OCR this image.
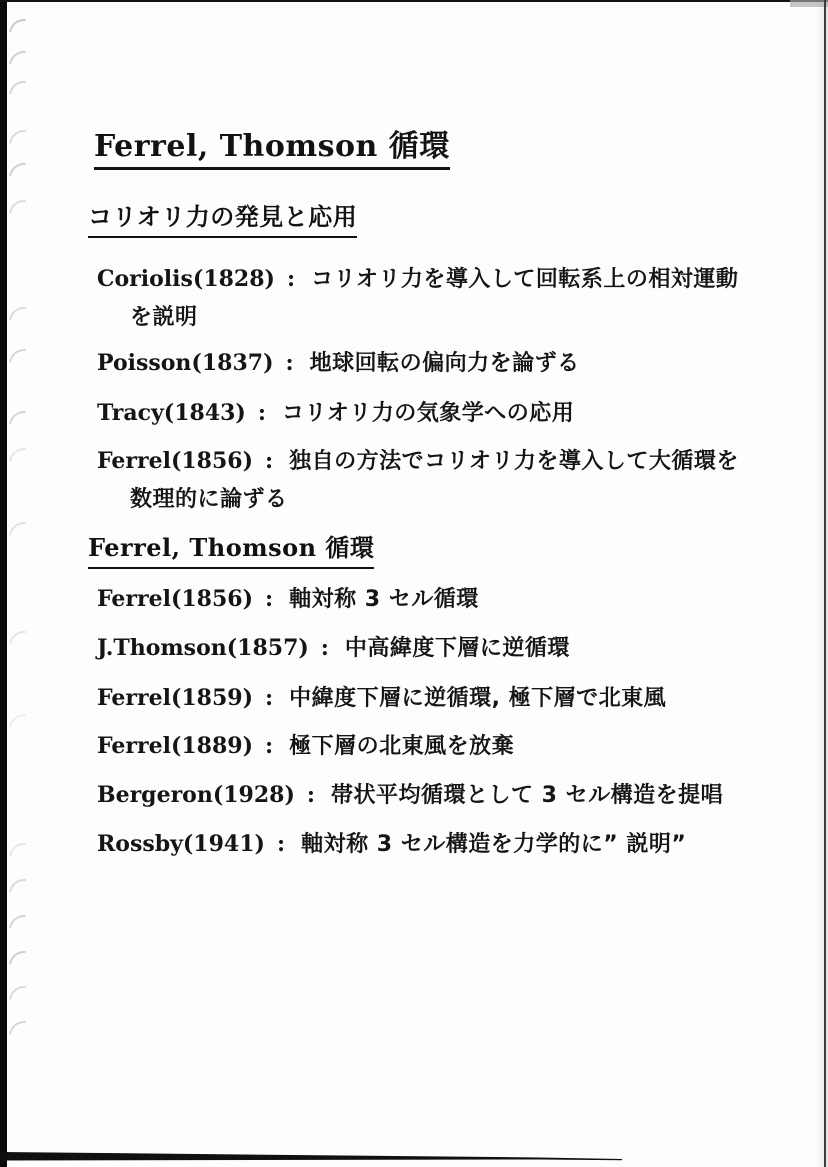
Ferrel, Thomson 循環
コリオリ力の発見と応用
Coriolis(1828) : コリオリ力を導入して回転系上の相対運動
を説明
Poisson(1837) : 地球回転の偏向力を論ずる
Tracy(1843) : コリオリ力の気象学への応用
Ferrel(1856) : 独自の方法でコリオリ力を導入して大循環を
数理的に論ずる
Ferrel, Thomson 循環
Ferrel(1856) : 軸対称 3 セル循環
J.Thomson(1857) : 中高緯度下層に逆循環
Ferrel(1859) : 中緯度下層に逆循環, 極下層で北東風
Ferrel(1889) : 極下層の北東風を放棄
Bergeron(1928) : 帯状平均循環として 3 セル構造を提唱
Rossby(1941) : 軸対称 3 セル構造を力学的に” 説明”
